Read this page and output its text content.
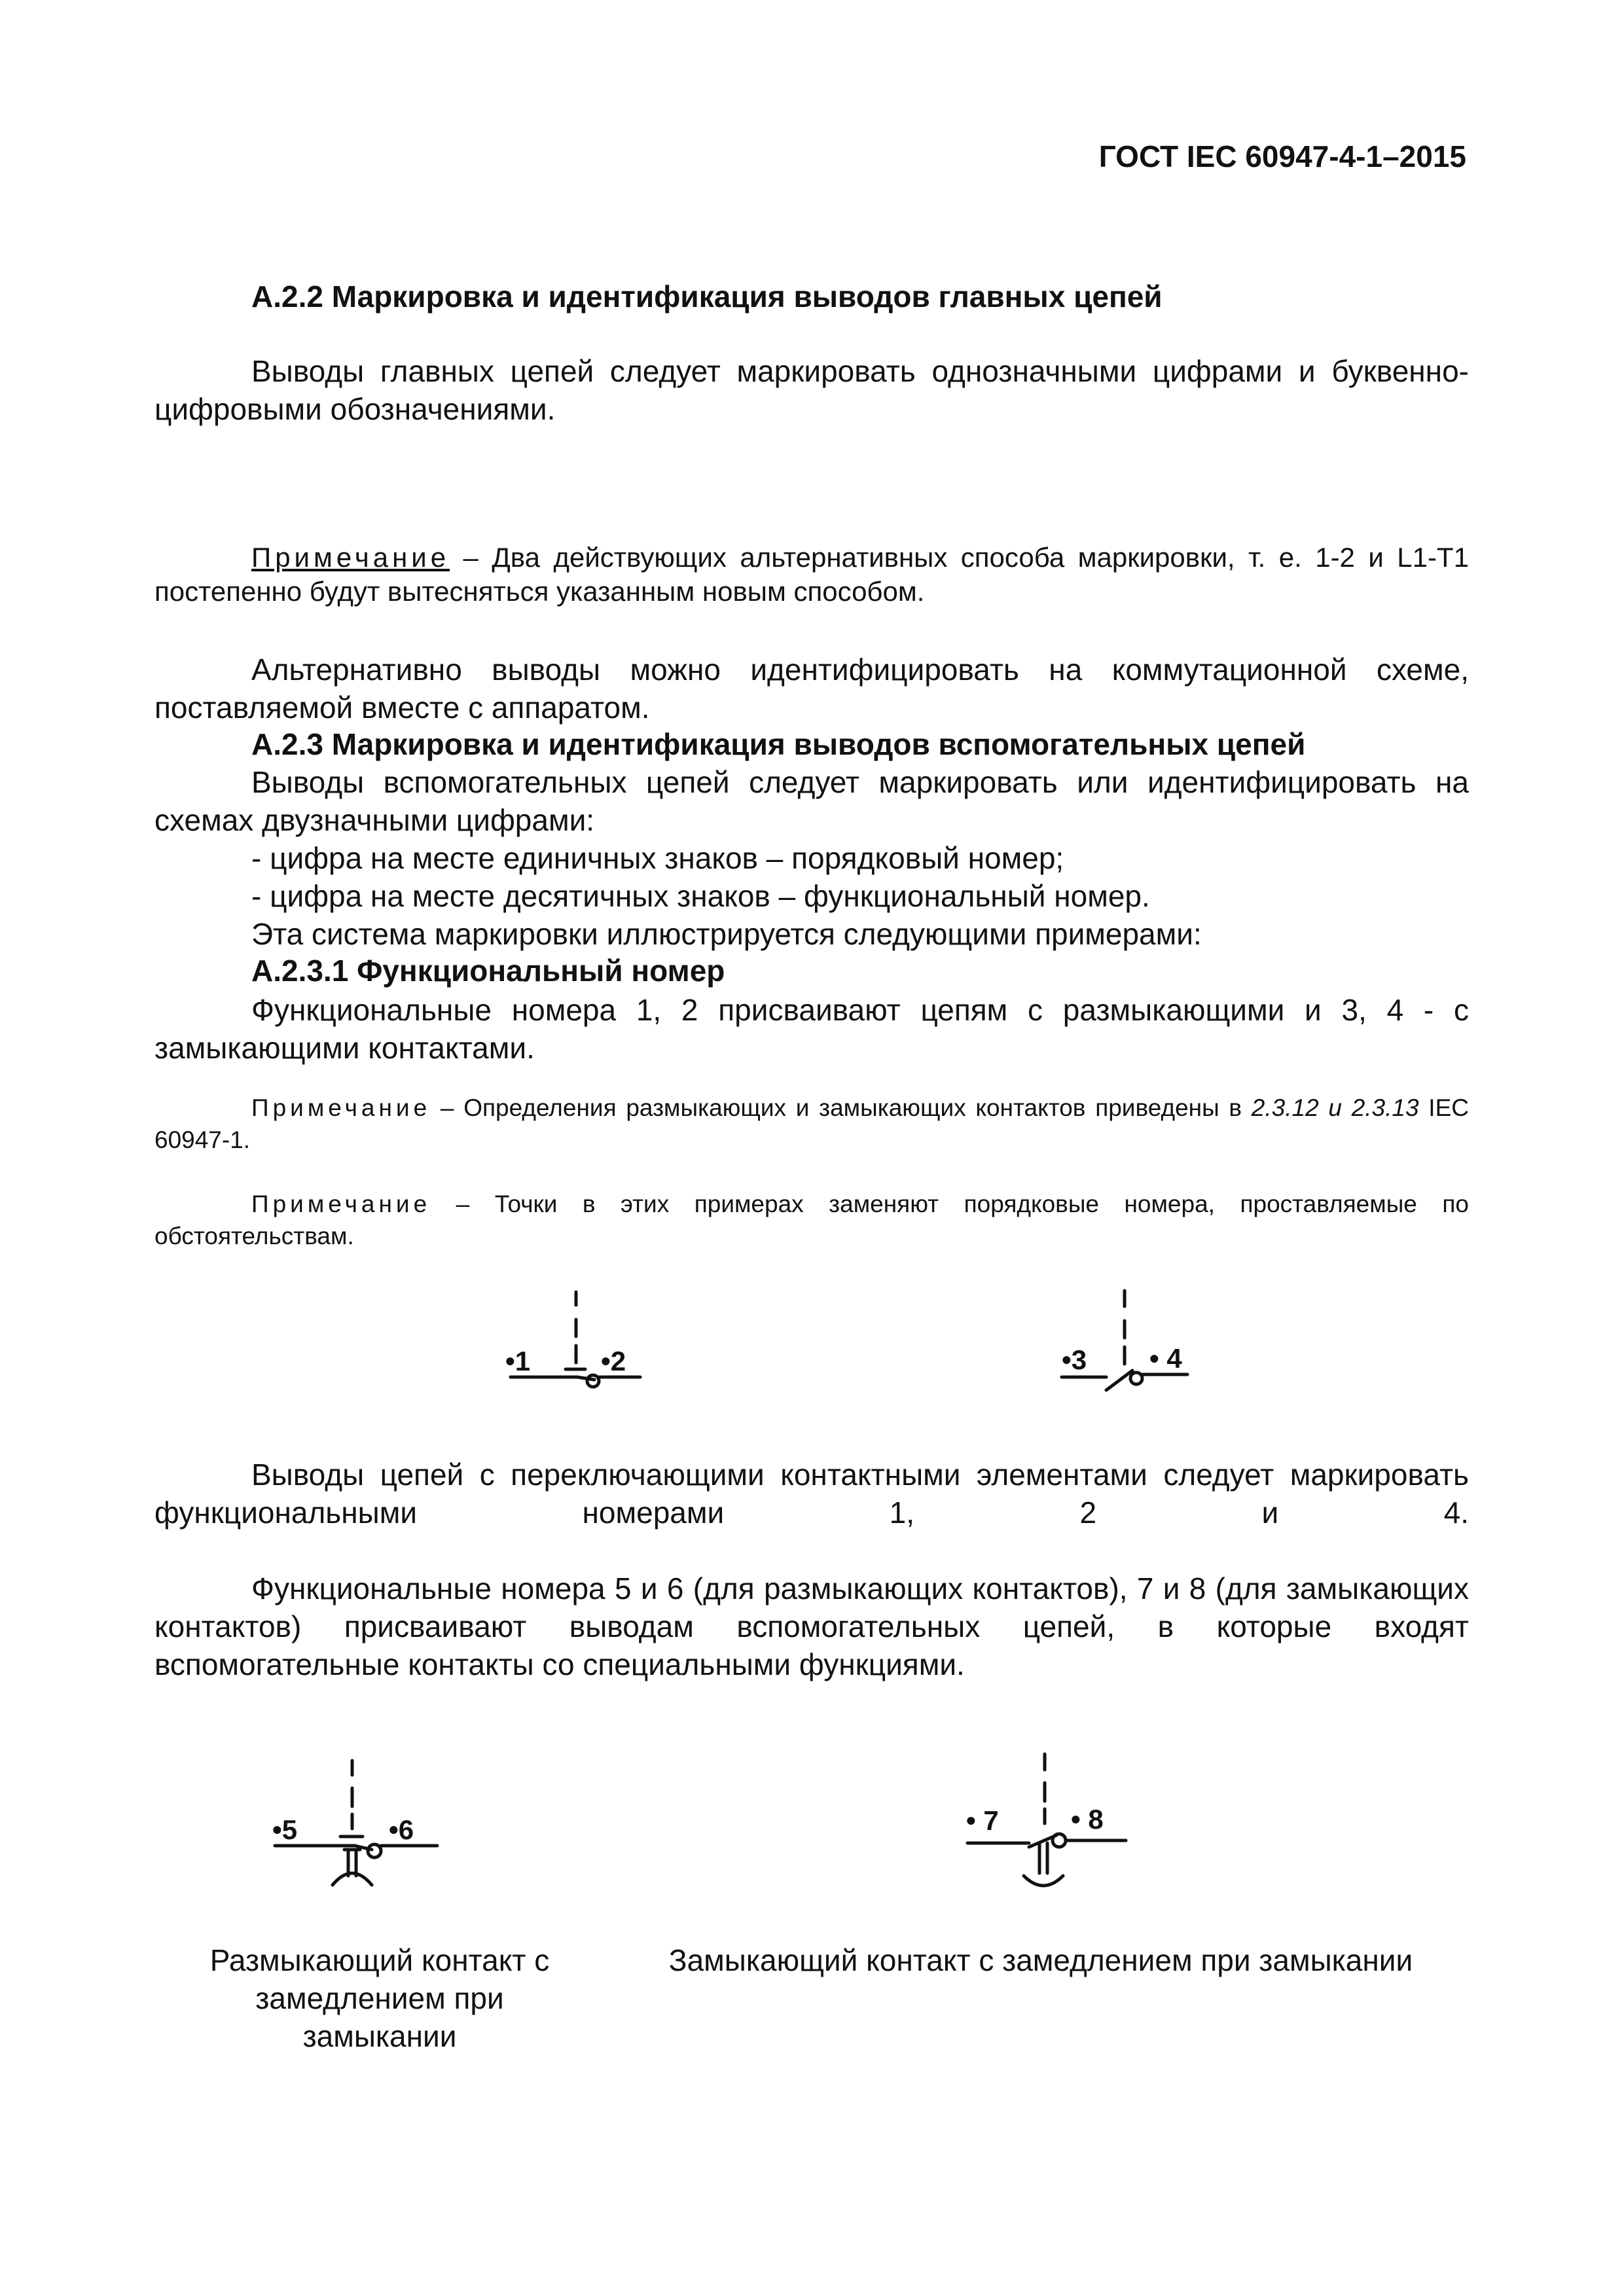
ГОСТ IEC 60947-4-1–2015
А.2.2 Маркировка и идентификация выводов главных цепей
Выводы главных цепей следует маркировать однозначными цифрами и буквенно-цифровыми обозначениями.
Примечание – Два действующих альтернативных способа маркировки, т. е. 1-2 и L1-T1 постепенно будут вытесняться указанным новым способом.
Альтернативно выводы можно идентифицировать на коммутационной схеме, поставляемой вместе с аппаратом.
А.2.3 Маркировка и идентификация выводов вспомогательных цепей
Выводы вспомогательных цепей следует маркировать или идентифицировать на схемах двузначными цифрами:
- цифра на месте единичных знаков – порядковый номер;
- цифра на месте десятичных знаков – функциональный номер.
Эта система маркировки иллюстрируется следующими примерами:
А.2.3.1 Функциональный номер
Функциональные номера 1, 2 присваивают цепям с размыкающими и 3, 4 - с замыкающими контактами.
Примечание – Определения размыкающих и замыкающих контактов приведены в 2.3.12 и 2.3.13 IEC 60947-1.
Примечание – Точки в этих примерах заменяют порядковые номера, проставляемые по обстоятельствам.
•1	•2	•3 • 4
Выводы цепей с переключающими контактными элементами следует маркировать функциональными номерами 1, 2 и 4.
Функциональные номера 5 и 6 (для размыкающих контактов), 7 и 8 (для замыкающих контактов) присваивают выводам вспомогательных цепей, в которые входят вспомогательные контакты со специальными функциями.
•5	•6	• 7	• 8
Размыкающий контакт с замедлением при замыкании
Замыкающий контакт с замедлением при замыкании
